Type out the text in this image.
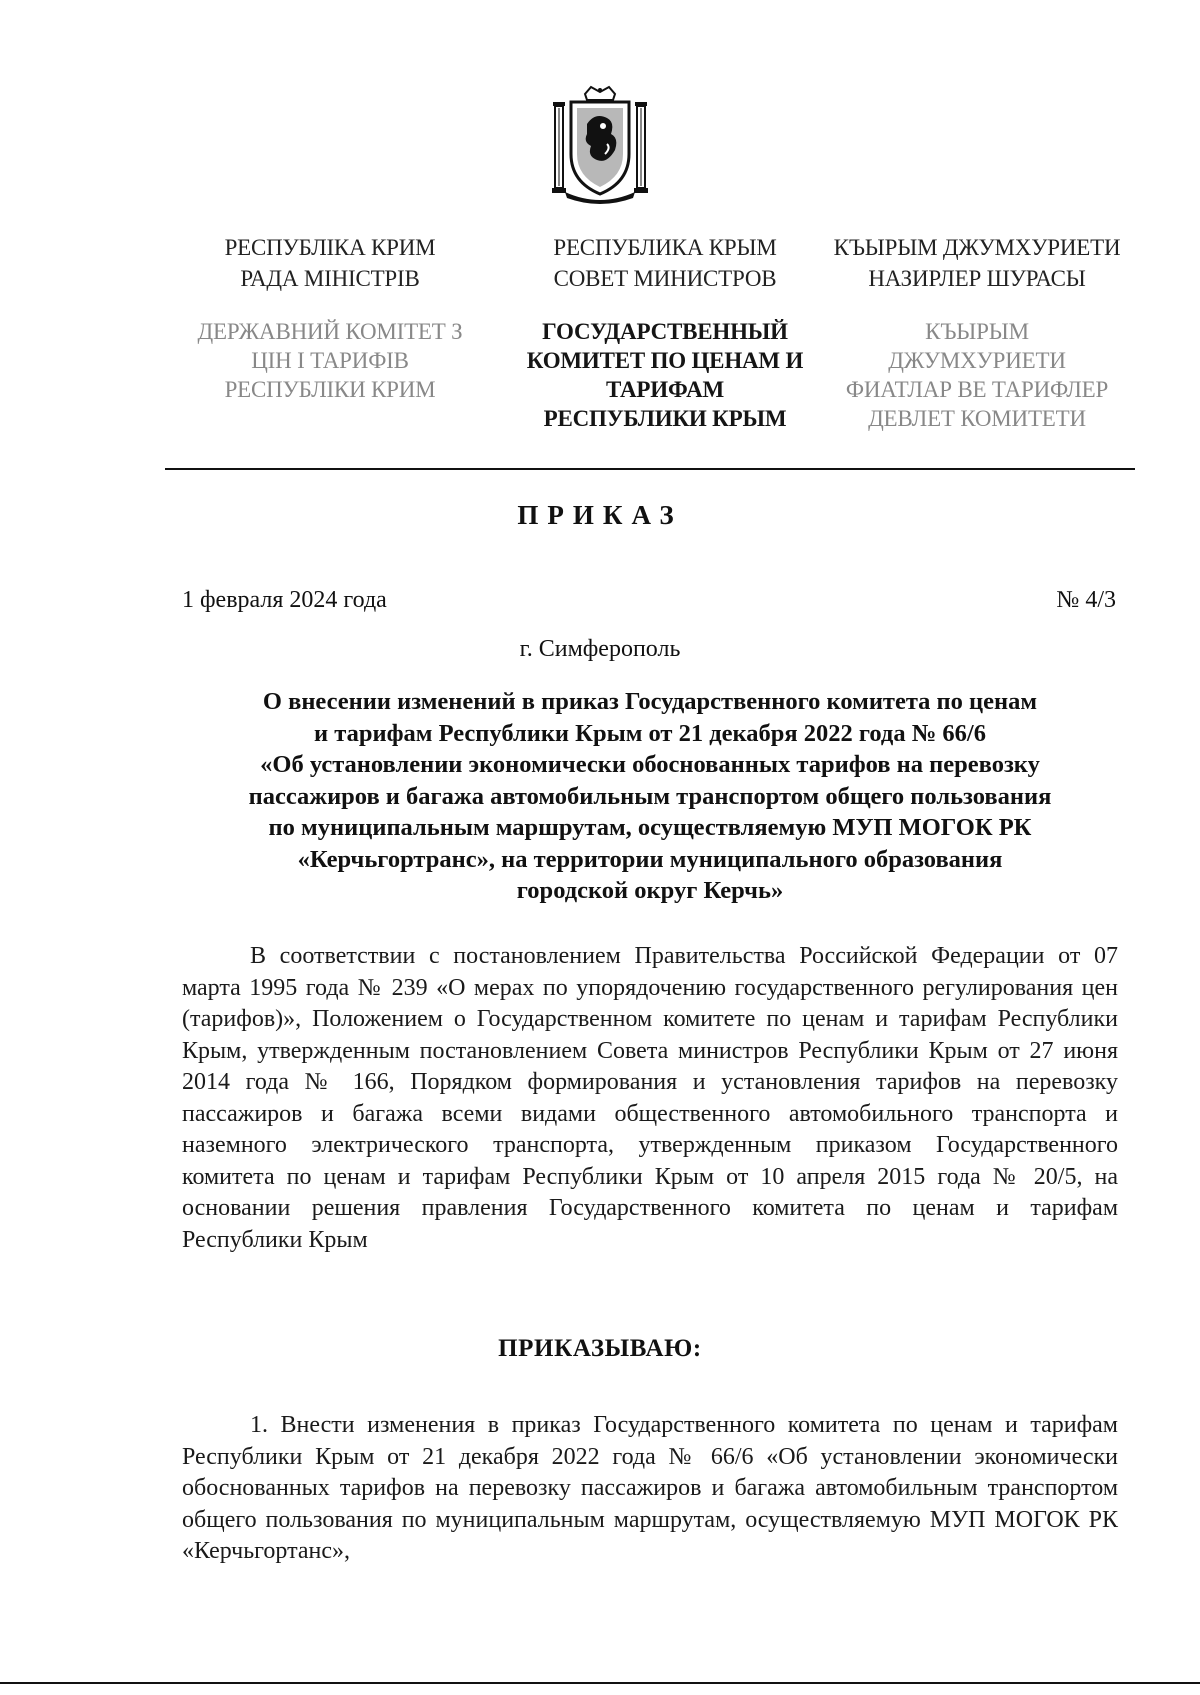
РЕСПУБЛІКА КРИМ
РАДА МІНІСТРІВ
ДЕРЖАВНИЙ КОМІТЕТ З
ЦІН І ТАРИФІВ
РЕСПУБЛІКИ КРИМ
РЕСПУБЛИКА КРЫМ
СОВЕТ МИНИСТРОВ
ГОСУДАРСТВЕННЫЙ
КОМИТЕТ ПО ЦЕНАМ И
ТАРИФАМ
РЕСПУБЛИКИ КРЫМ
КЪЫРЫМ ДЖУМХУРИЕТИ
НАЗИРЛЕР ШУРАСЫ
КЪЫРЫМ
ДЖУМХУРИЕТИ
ФИАТЛАР ВЕ ТАРИФЛЕР
ДЕВЛЕТ КОМИТЕТИ
ПРИКАЗ
1 февраля 2024 года	№ 4/3
г. Симферополь
О внесении изменений в приказ Государственного комитета по ценам
и тарифам Республики Крым от 21 декабря 2022 года № 66/6
«Об установлении экономически обоснованных тарифов на перевозку
пассажиров и багажа автомобильным транспортом общего пользования
по муниципальным маршрутам, осуществляемую МУП МОГОК РК
«Керчьгортранс», на территории муниципального образования
городской округ Керчь»

В соответствии с постановлением Правительства Российской Федерации от 07 марта 1995 года № 239 «О мерах по упорядочению государственного регулирования цен (тарифов)», Положением о Государственном комитете по ценам и тарифам Республики Крым, утвержденным постановлением Совета министров Республики Крым от 27 июня 2014 года № 166, Порядком формирования и установления тарифов на перевозку пассажиров и багажа всеми видами общественного автомобильного транспорта и наземного электрического транспорта, утвержденным приказом Государственного комитета по ценам и тарифам Республики Крым от 10 апреля 2015 года № 20/5, на основании решения правления Государственного комитета по ценам и тарифам Республики Крым

ПРИКАЗЫВАЮ:

1. Внести изменения в приказ Государственного комитета по ценам и тарифам Республики Крым от 21 декабря 2022 года № 66/6 «Об установлении экономически обоснованных тарифов на перевозку пассажиров и багажа автомобильным транспортом общего пользования по муниципальным маршрутам, осуществляемую МУП МОГОК РК «Керчьгортанс»,
